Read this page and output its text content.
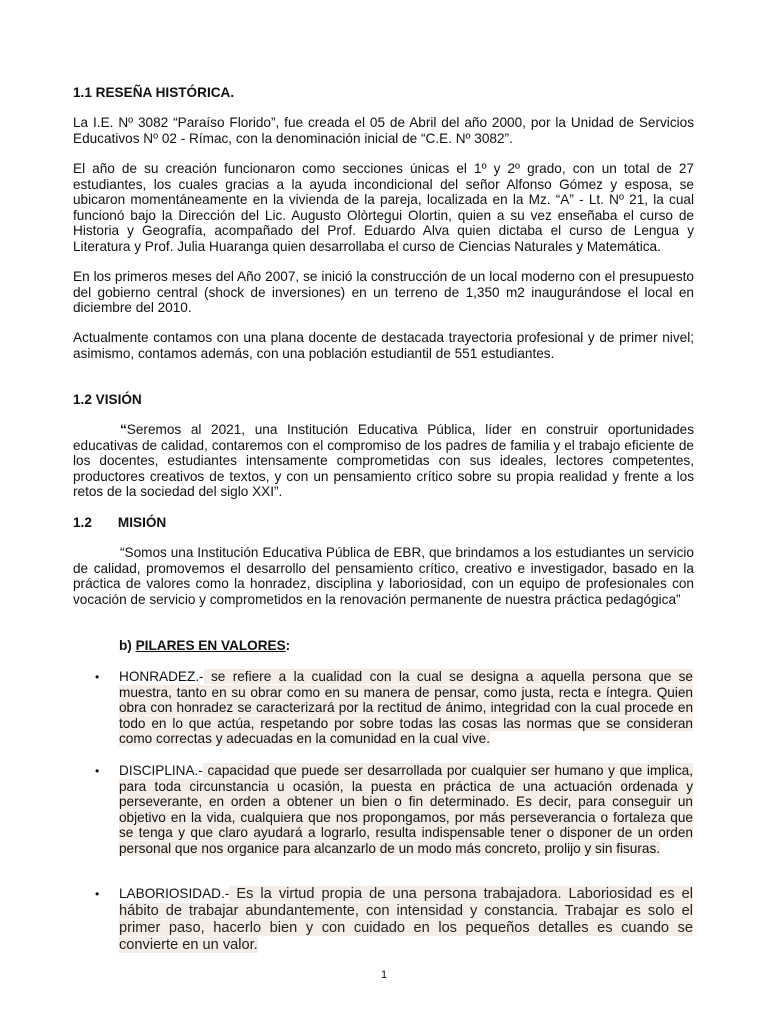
1.1 RESEÑA HISTÓRICA.

La I.E. Nº 3082 “Paraíso Florido”, fue creada el 05 de Abril del año 2000, por la Unidad de Servicios Educativos Nº 02 - Rímac, con la denominación inicial de “C.E. Nº 3082”.

El año de su creación funcionaron como secciones únicas el 1º y 2º grado, con un total de 27 estudiantes, los cuales gracias a la ayuda incondicional del señor Alfonso Gómez y esposa, se ubicaron momentáneamente en la vivienda de la pareja, localizada en la Mz. “A” - Lt. Nº 21, la cual funcionó bajo la Dirección del Lic. Augusto Olòrtegui Olortin, quien a su vez enseñaba el curso de Historia y Geografía, acompañado del Prof. Eduardo Alva quien dictaba el curso de Lengua y Literatura y Prof. Julia Huaranga quien desarrollaba el curso de Ciencias Naturales y Matemática.

En los primeros meses del Año 2007, se inició la construcción de un local moderno con el presupuesto del gobierno central (shock de inversiones) en un terreno de 1,350 m2 inaugurándose el local en diciembre del 2010.

Actualmente contamos con una plana docente de destacada trayectoria profesional y de primer nivel; asimismo, contamos además, con una población estudiantil de 551 estudiantes.

1.2 VISIÓN

“Seremos al 2021, una Institución Educativa Pública, líder en construir oportunidades educativas de calidad, contaremos con el compromiso de los padres de familia y el trabajo eficiente de los docentes, estudiantes intensamente comprometidas con sus ideales, lectores competentes, productores creativos de textos, y con un pensamiento crítico sobre su propia realidad y frente a los retos de la sociedad del siglo XXI”.

1.2 MISIÓN

“Somos una Institución Educativa Pública de EBR, que brindamos a los estudiantes un servicio de calidad, promovemos el desarrollo del pensamiento crítico, creativo e investigador, basado en la práctica de valores como la honradez, disciplina y laboriosidad, con un equipo de profesionales con vocación de servicio y comprometidos en la renovación permanente de nuestra práctica pedagógica”

b) PILARES EN VALORES:
• HONRADEZ.- se refiere a la cualidad con la cual se designa a aquella persona que se muestra, tanto en su obrar como en su manera de pensar, como justa, recta e íntegra. Quien obra con honradez se caracterizará por la rectitud de ánimo, integridad con la cual procede en todo en lo que actúa, respetando por sobre todas las cosas las normas que se consideran como correctas y adecuadas en la comunidad en la cual vive.

• DISCIPLINA.- capacidad que puede ser desarrollada por cualquier ser humano y que implica, para toda circunstancia u ocasión, la puesta en práctica de una actuación ordenada y perseverante, en orden a obtener un bien o fin determinado. Es decir, para conseguir un objetivo en la vida, cualquiera que nos propongamos, por más perseverancia o fortaleza que se tenga y que claro ayudará a lograrlo, resulta indispensable tener o disponer de un orden personal que nos organice para alcanzarlo de un modo más concreto, prolijo y sin fisuras.

• LABORIOSIDAD.- Es la virtud propia de una persona trabajadora. Laboriosidad es el hábito de trabajar abundantemente, con intensidad y constancia. Trabajar es solo el primer paso, hacerlo bien y con cuidado en los pequeños detalles es cuando se convierte en un valor.

1
